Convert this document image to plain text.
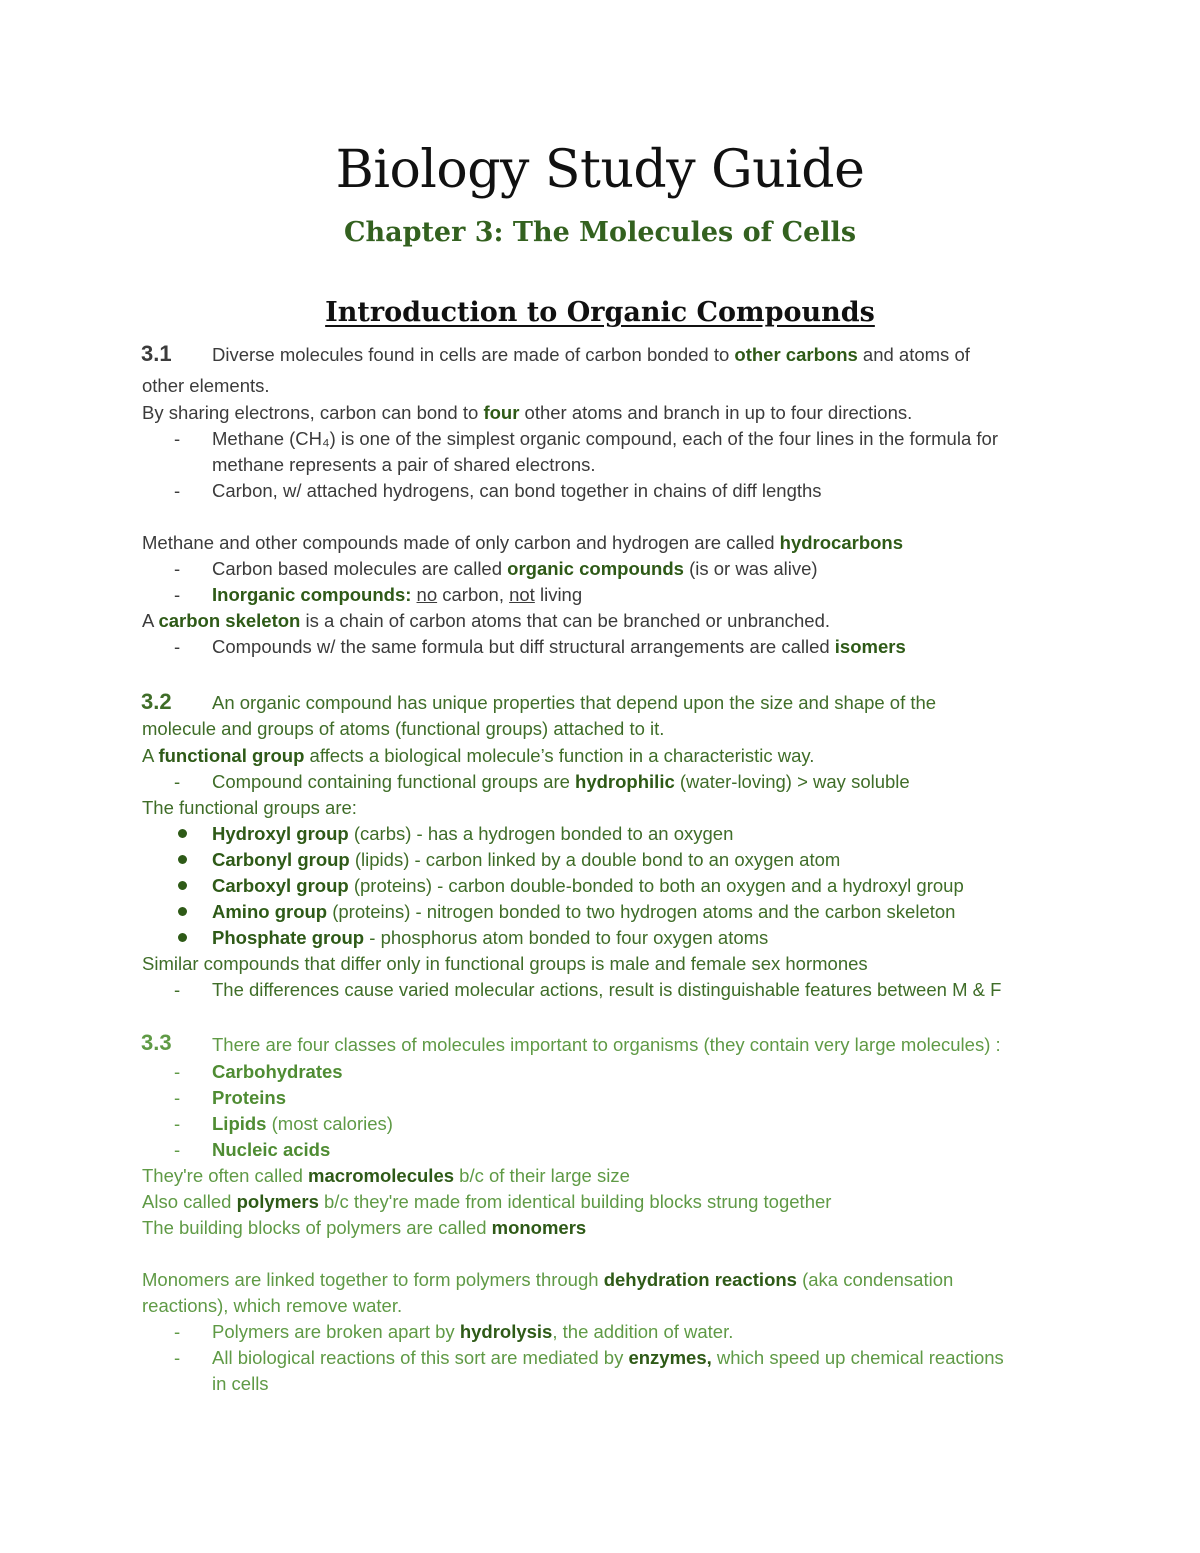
Biology Study Guide
Chapter 3: The Molecules of Cells
Introduction to Organic Compounds
3.1 Diverse molecules found in cells are made of carbon bonded to other carbons and atoms of

other elements.

By sharing electrons, carbon can bond to four other atoms and branch in up to four directions.

- Methane (CH₄) is one of the simplest organic compound, each of the four lines in the formula for

methane represents a pair of shared electrons.

- Carbon, w/ attached hydrogens, can bond together in chains of diff lengths

Methane and other compounds made of only carbon and hydrogen are called hydrocarbons

- Carbon based molecules are called organic compounds (is or was alive)

- Inorganic compounds: no carbon, not living

A carbon skeleton is a chain of carbon atoms that can be branched or unbranched.

- Compounds w/ the same formula but diff structural arrangements are called isomers

3.2 An organic compound has unique properties that depend upon the size and shape of the

molecule and groups of atoms (functional groups) attached to it.

A functional group affects a biological molecule’s function in a characteristic way.

- Compound containing functional groups are hydrophilic (water-loving) > way soluble

The functional groups are:

Hydroxyl group (carbs) - has a hydrogen bonded to an oxygen

Carbonyl group (lipids) - carbon linked by a double bond to an oxygen atom

Carboxyl group (proteins) - carbon double-bonded to both an oxygen and a hydroxyl group

Amino group (proteins) - nitrogen bonded to two hydrogen atoms and the carbon skeleton

Phosphate group - phosphorus atom bonded to four oxygen atoms

Similar compounds that differ only in functional groups is male and female sex hormones

- The differences cause varied molecular actions, result is distinguishable features between M & F

3.3 There are four classes of molecules important to organisms (they contain very large molecules) :

- Carbohydrates

- Proteins

- Lipids (most calories)

- Nucleic acids

They're often called macromolecules b/c of their large size

Also called polymers b/c they're made from identical building blocks strung together

The building blocks of polymers are called monomers

Monomers are linked together to form polymers through dehydration reactions (aka condensation

reactions), which remove water.

- Polymers are broken apart by hydrolysis, the addition of water.

- All biological reactions of this sort are mediated by enzymes, which speed up chemical reactions

in cells
